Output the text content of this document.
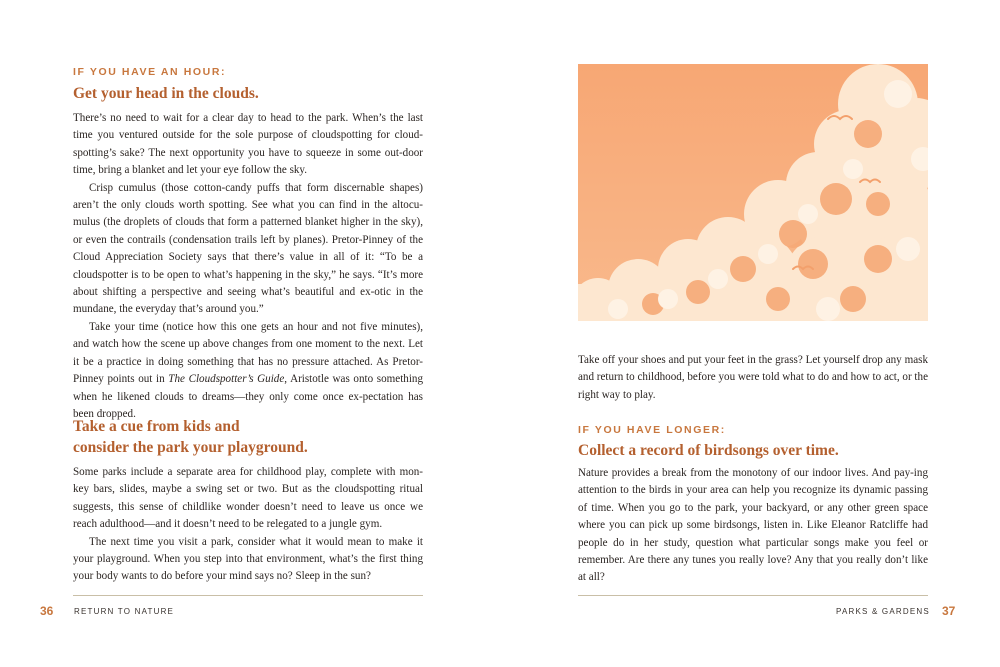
IF YOU HAVE AN HOUR:
Get your head in the clouds.

There’s no need to wait for a clear day to head to the park. When’s the last time you ventured outside for the sole purpose of cloudspotting for cloud-spotting’s sake? The next opportunity you have to squeeze in some out-door time, bring a blanket and let your eye follow the sky.

Crisp cumulus (those cotton-candy puffs that form discernable shapes) aren’t the only clouds worth spotting. See what you can find in the altocu-mulus (the droplets of clouds that form a patterned blanket higher in the sky), or even the contrails (condensation trails left by planes). Pretor-Pinney of the Cloud Appreciation Society says that there’s value in all of it: “To be a cloudspotter is to be open to what’s happening in the sky,” he says. “It’s more about shifting a perspective and seeing what’s beautiful and ex-otic in the mundane, the everyday that’s around you.”

Take your time (notice how this one gets an hour and not five minutes), and watch how the scene up above changes from one moment to the next. Let it be a practice in doing something that has no pressure attached. As Pretor-Pinney points out in The Cloudspotter’s Guide, Aristotle was onto something when he likened clouds to dreams—they only come once ex-pectation has been dropped.

Take a cue from kids and
consider the park your playground.

Some parks include a separate area for childhood play, complete with mon-key bars, slides, maybe a swing set or two. But as the cloudspotting ritual suggests, this sense of childlike wonder doesn’t need to leave us once we reach adulthood—and it doesn’t need to be relegated to a jungle gym.

The next time you visit a park, consider what it would mean to make it your playground. When you step into that environment, what’s the first thing your body wants to do before your mind says no? Sleep in the sun?

36	RETURN TO NATURE

Take off your shoes and put your feet in the grass? Let yourself drop any mask and return to childhood, before you were told what to do and how to act, or the right way to play.

IF YOU HAVE LONGER:
Collect a record of birdsongs over time.

Nature provides a break from the monotony of our indoor lives. And pay-ing attention to the birds in your area can help you recognize its dynamic passing of time. When you go to the park, your backyard, or any other green space where you can pick up some birdsongs, listen in. Like Eleanor Ratcliffe had people do in her study, question what particular songs make you feel or remember. Are there any tunes you really love? Any that you really don’t like at all?

PARKS & GARDENS 37
